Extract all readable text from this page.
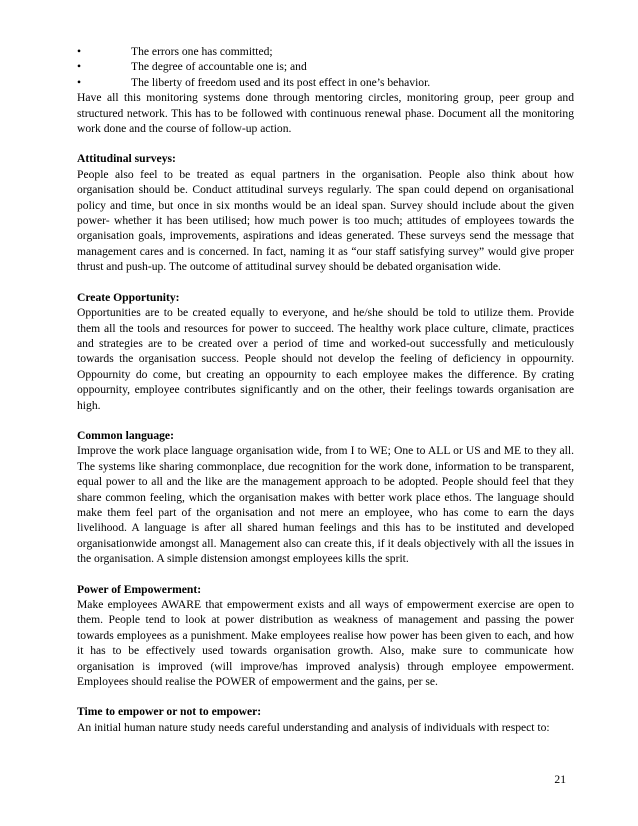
•	The errors one has committed;
•	The degree of accountable one is; and
•	The liberty of freedom used and its post effect in one’s behavior.

Have all this monitoring systems done through mentoring circles, monitoring group, peer group and structured network. This has to be followed with continuous renewal phase. Document all the monitoring work done and the course of follow-up action.

Attitudinal surveys:

People also feel to be treated as equal partners in the organisation. People also think about how organisation should be. Conduct attitudinal surveys regularly. The span could depend on organisational policy and time, but once in six months would be an ideal span. Survey should include about the given power- whether it has been utilised; how much power is too much; attitudes of employees towards the organisation goals, improvements, aspirations and ideas generated. These surveys send the message that management cares and is concerned. In fact, naming it as “our staff satisfying survey” would give proper thrust and push-up. The outcome of attitudinal survey should be debated organisation wide.

Create Opportunity:

Opportunities are to be created equally to everyone, and he/she should be told to utilize them. Provide them all the tools and resources for power to succeed. The healthy work place culture, climate, practices and strategies are to be created over a period of time and worked-out successfully and meticulously towards the organisation success. People should not develop the feeling of deficiency in oppournity. Oppournity do come, but creating an oppournity to each employee makes the difference. By crating oppournity, employee contributes significantly and on the other, their feelings towards organisation are high.

Common language:

Improve the work place language organisation wide, from I to WE; One to ALL or US and ME to they all. The systems like sharing commonplace, due recognition for the work done, information to be transparent, equal power to all and the like are the management approach to be adopted. People should feel that they share common feeling, which the organisation makes with better work place ethos. The language should make them feel part of the organisation and not mere an employee, who has come to earn the days livelihood. A language is after all shared human feelings and this has to be instituted and developed organisationwide amongst all. Management also can create this, if it deals objectively with all the issues in the organisation. A simple distension amongst employees kills the sprit.

Power of Empowerment:

Make employees AWARE that empowerment exists and all ways of empowerment exercise are open to them. People tend to look at power distribution as weakness of management and passing the power towards employees as a punishment. Make employees realise how power has been given to each, and how it has to be effectively used towards organisation growth. Also, make sure to communicate how organisation is improved (will improve/has improved analysis) through employee empowerment. Employees should realise the POWER of empowerment and the gains, per se.

Time to empower or not to empower:

An initial human nature study needs careful understanding and analysis of individuals with respect to:

21
